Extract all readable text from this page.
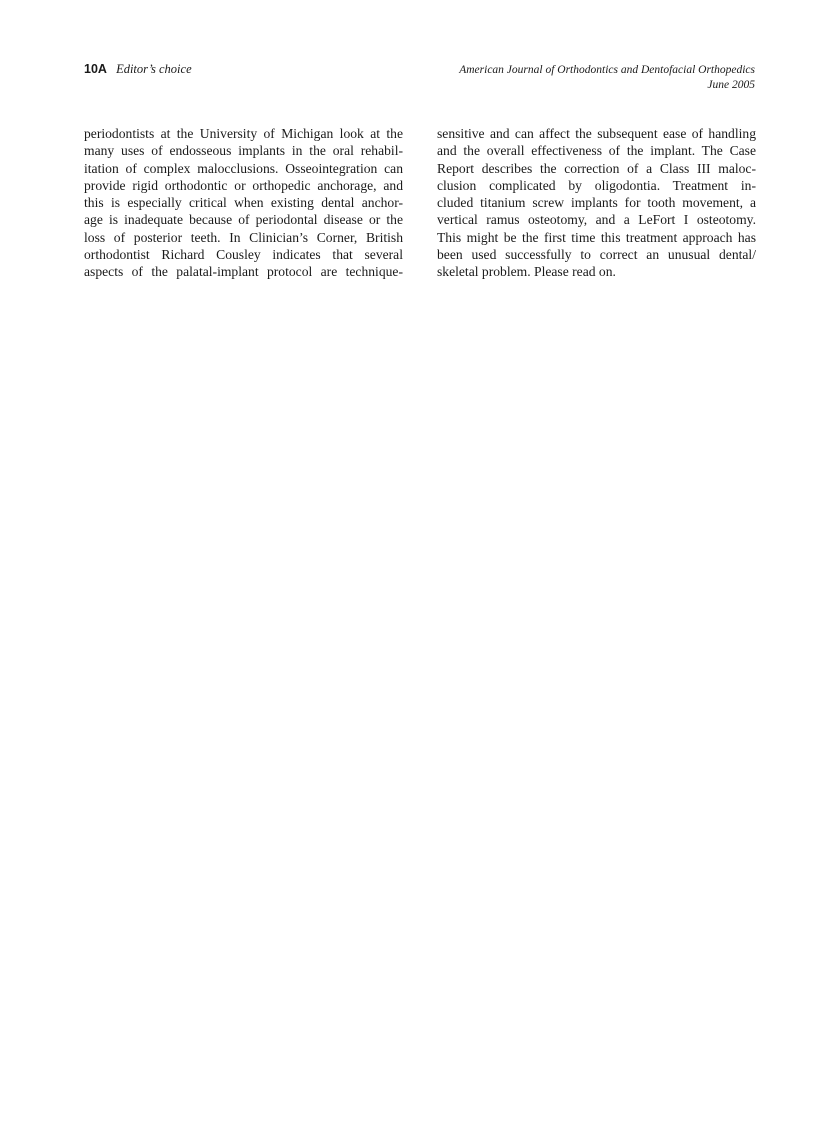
10A Editor’s choice	American Journal of Orthodontics and Dentofacial Orthopedics
June 2005
periodontists at the University of Michigan look at the
many uses of endosseous implants in the oral rehabil-
itation of complex malocclusions. Osseointegration can
provide rigid orthodontic or orthopedic anchorage, and
this is especially critical when existing dental anchor-
age is inadequate because of periodontal disease or the
loss of posterior teeth. In Clinician’s Corner, British
orthodontist Richard Cousley indicates that several
aspects of the palatal-implant protocol are technique-
sensitive and can affect the subsequent ease of handling
and the overall effectiveness of the implant. The Case
Report describes the correction of a Class III maloc-
clusion complicated by oligodontia. Treatment in-
cluded titanium screw implants for tooth movement, a
vertical ramus osteotomy, and a LeFort I osteotomy.
This might be the first time this treatment approach has
been used successfully to correct an unusual dental/
skeletal problem. Please read on.
